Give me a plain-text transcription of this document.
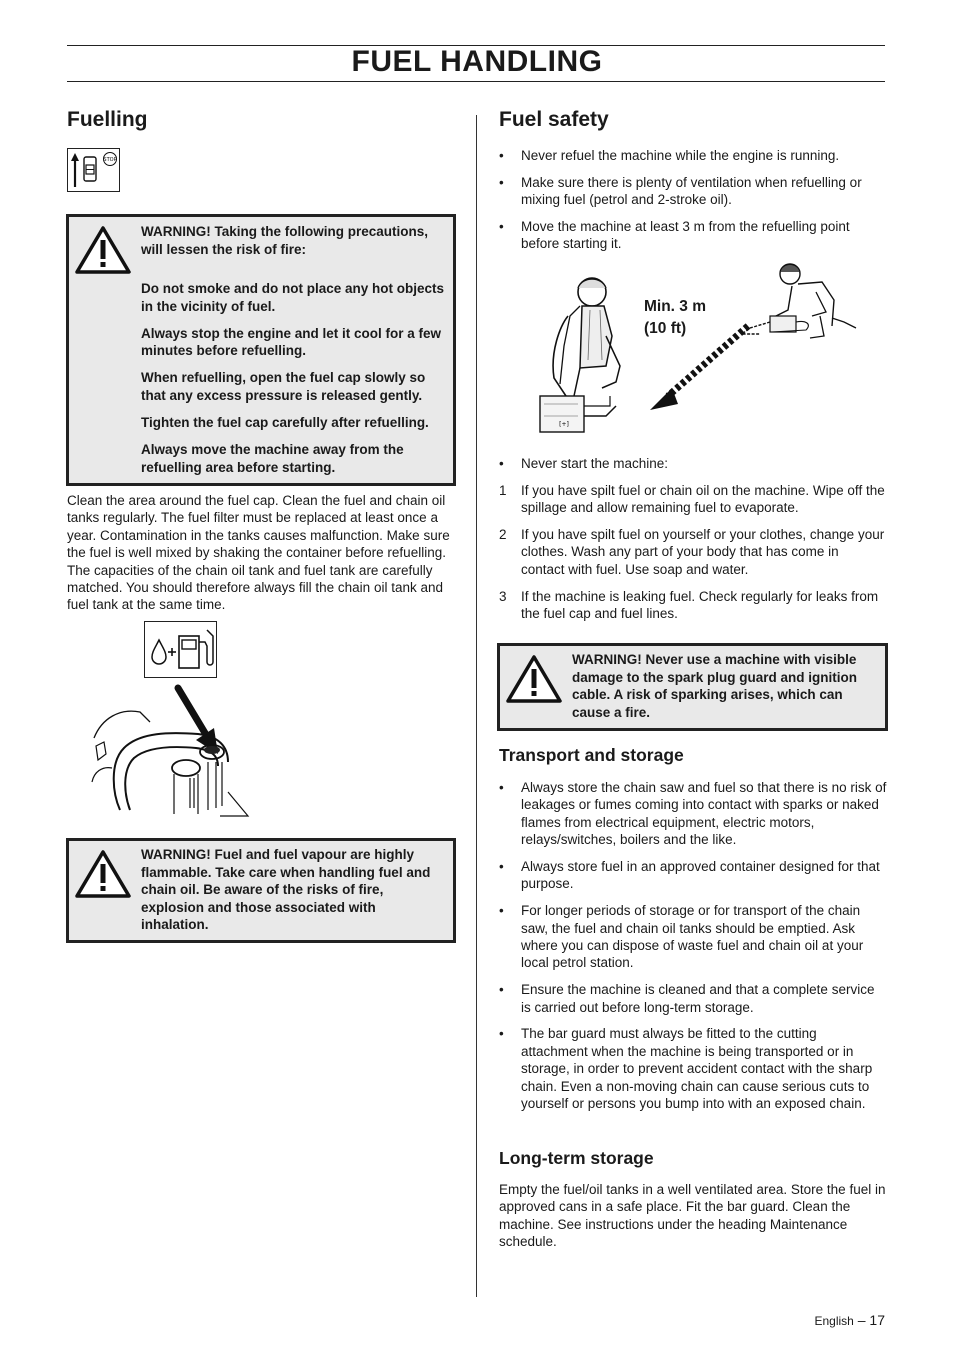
FUEL HANDLING
Fuelling
STOP

WARNING! Taking the following precautions, will lessen the risk of fire:

Do not smoke and do not place any hot objects in the vicinity of fuel.

Always stop the engine and let it cool for a few minutes before refuelling.

When refuelling, open the fuel cap slowly so that any excess pressure is released gently.

Tighten the fuel cap carefully after refuelling.

Always move the machine away from the refuelling area before starting.

Clean the area around the fuel cap. Clean the fuel and chain oil tanks regularly. The fuel filter must be replaced at least once a year. Contamination in the tanks causes malfunction. Make sure the fuel is well mixed by shaking the container before refuelling. The capacities of the chain oil tank and fuel tank are carefully matched. You should therefore always fill the chain oil tank and fuel tank at the same time.

WARNING! Fuel and fuel vapour are highly flammable. Take care when handling fuel and chain oil. Be aware of the risks of fire, explosion and those associated with inhalation.

Fuel safety
•	Never refuel the machine while the engine is running.
•	Make sure there is plenty of ventilation when refuelling or mixing fuel (petrol and 2-stroke oil).
•	Move the machine at least 3 m from the refuelling point before starting it.
[+]
Min. 3 m
(10 ft)
•	Never start the machine:
1	If you have spilt fuel or chain oil on the machine. Wipe off the spillage and allow remaining fuel to evaporate.
2	If you have spilt fuel on yourself or your clothes, change your clothes. Wash any part of your body that has come in contact with fuel. Use soap and water.
3	If the machine is leaking fuel. Check regularly for leaks from the fuel cap and fuel lines.

WARNING! Never use a machine with visible damage to the spark plug guard and ignition cable. A risk of sparking arises, which can cause a fire.

Transport and storage
•	Always store the chain saw and fuel so that there is no risk of leakages or fumes coming into contact with sparks or naked flames from electrical equipment, electric motors, relays/switches, boilers and the like.
•	Always store fuel in an approved container designed for that purpose.
•	For longer periods of storage or for transport of the chain saw, the fuel and chain oil tanks should be emptied. Ask where you can dispose of waste fuel and chain oil at your local petrol station.
•	Ensure the machine is cleaned and that a complete service is carried out before long-term storage.
•	The bar guard must always be fitted to the cutting attachment when the machine is being transported or in storage, in order to prevent accident contact with the sharp chain. Even a non-moving chain can cause serious cuts to yourself or persons you bump into with an exposed chain.
Long-term storage

Empty the fuel/oil tanks in a well ventilated area. Store the fuel in approved cans in a safe place. Fit the bar guard. Clean the machine. See instructions under the heading Maintenance schedule.

English – 17
